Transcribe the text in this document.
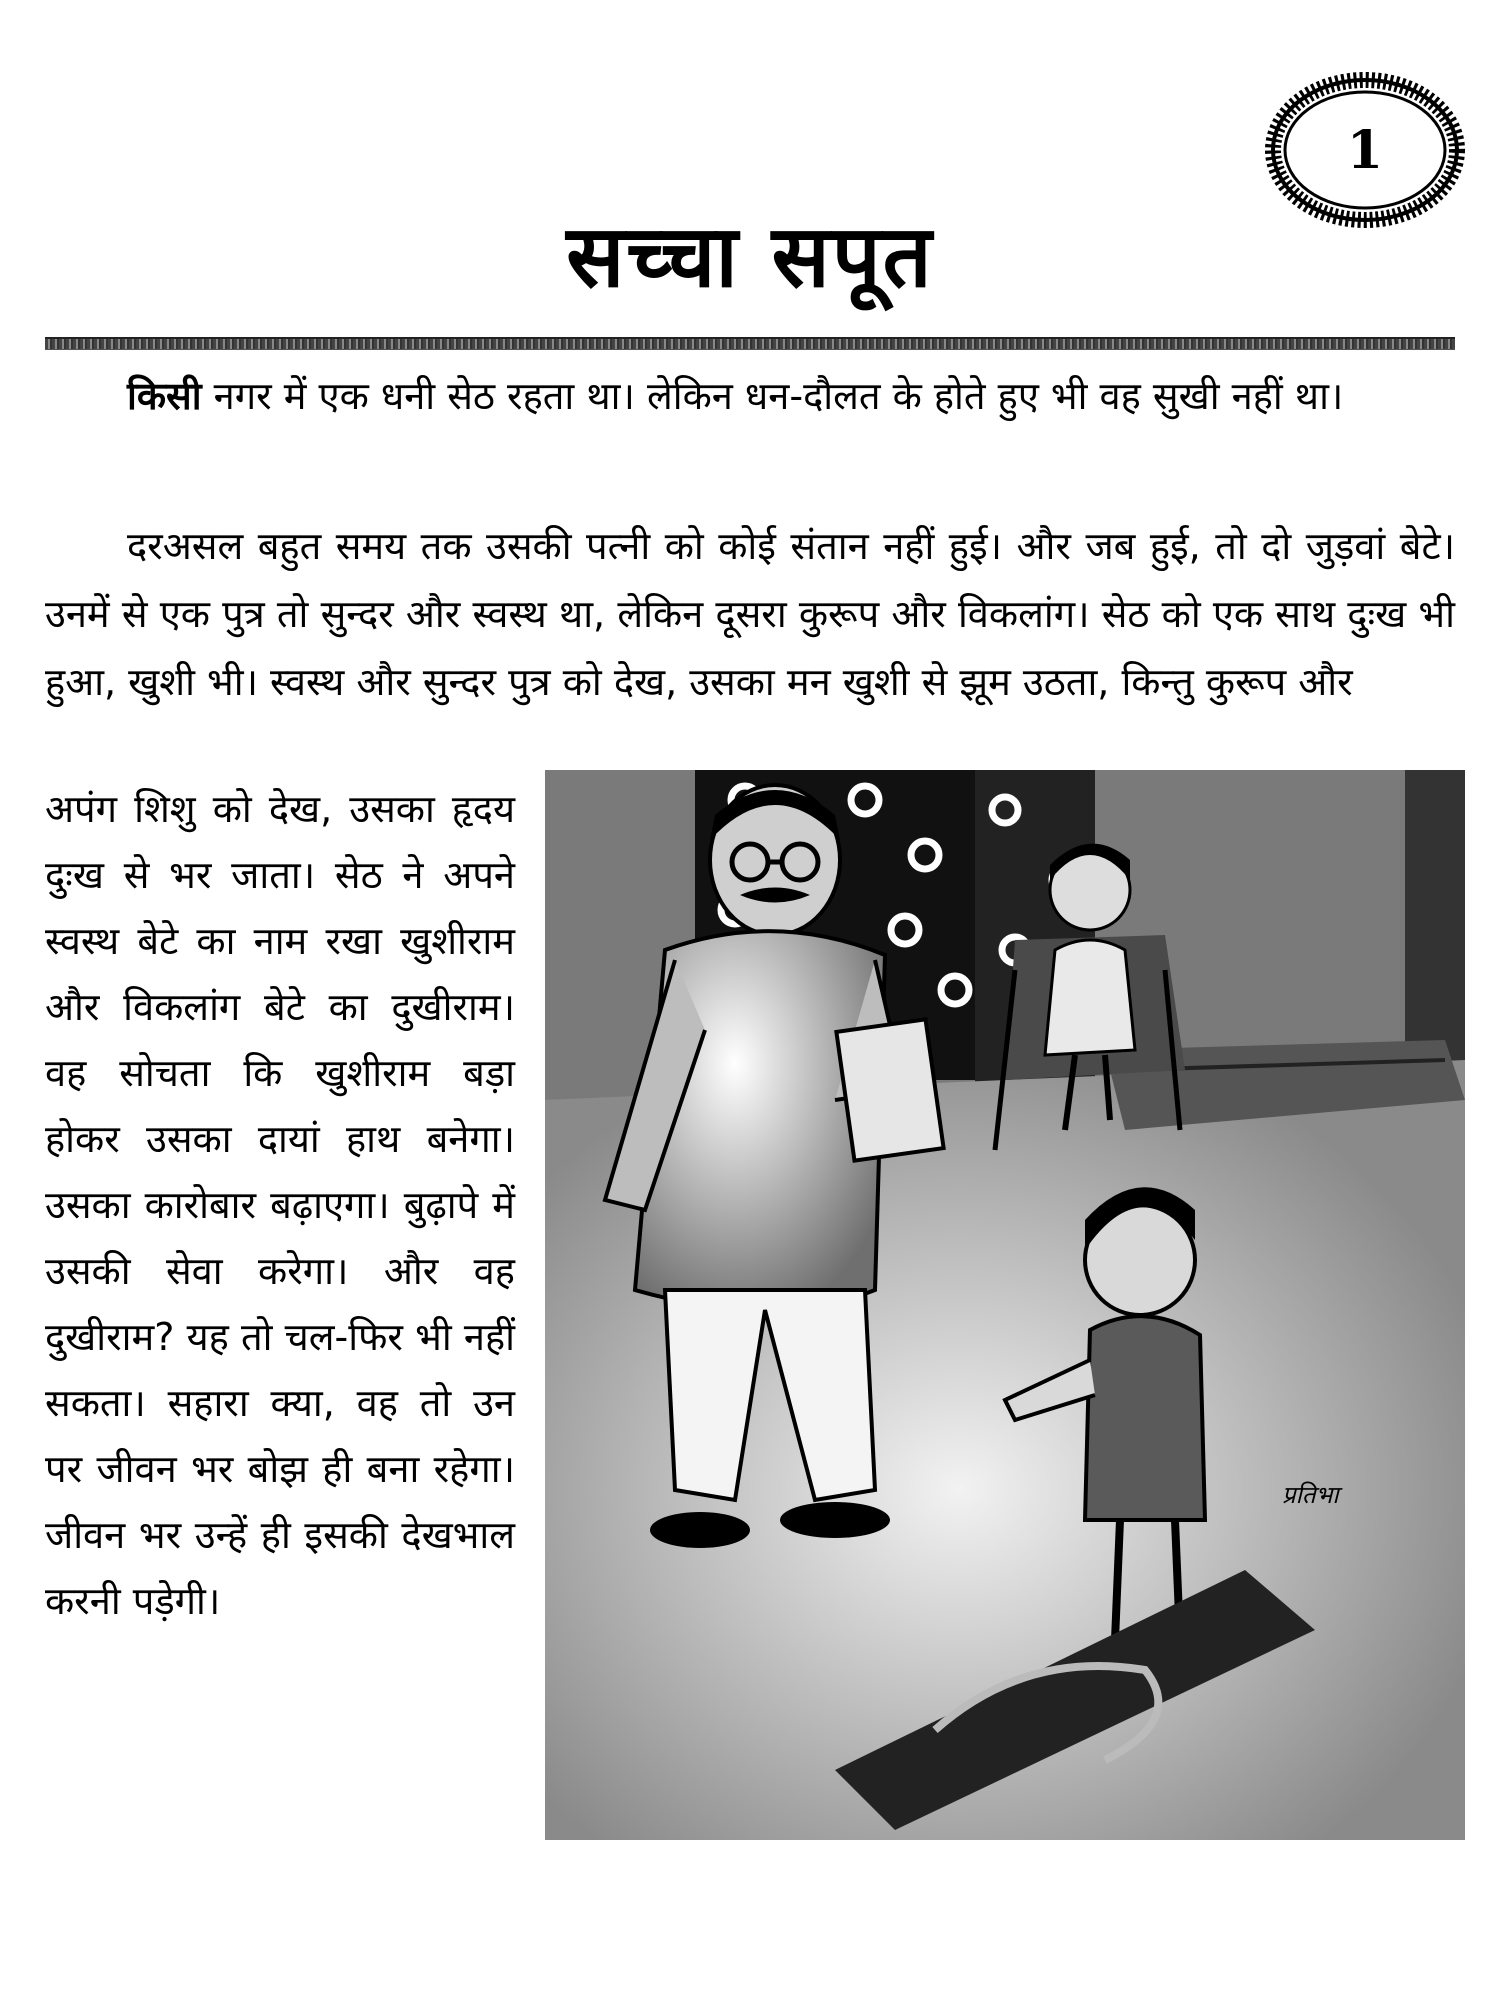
1
सच्चा सपूत
किसी नगर में एक धनी सेठ रहता था। लेकिन धन-दौलत के होते हुए भी वह सुखी नहीं था।
दरअसल बहुत समय तक उसकी पत्नी को कोई संतान नहीं हुई। और जब हुई, तो दो जुड़वां बेटे। उनमें से एक पुत्र तो सुन्दर और स्वस्थ था, लेकिन दूसरा कुरूप और विकलांग। सेठ को एक साथ दुःख भी हुआ, खुशी भी। स्वस्थ और सुन्दर पुत्र को देख, उसका मन खुशी से झूम उठता, किन्तु कुरूप और
अपंग शिशु को देख, उसका हृदय दुःख से भर जाता। सेठ ने अपने स्वस्थ बेटे का नाम रखा खुशीराम और विकलांग बेटे का दुखीराम। वह सोचता कि खुशीराम बड़ा होकर उसका दायां हाथ बनेगा। उसका कारोबार बढ़ाएगा। बुढ़ापे में उसकी सेवा करेगा। और वह दुखीराम? यह तो चल-फिर भी नहीं सकता। सहारा क्या, वह तो उन पर जीवन भर बोझ ही बना रहेगा। जीवन भर उन्हें ही इसकी देखभाल करनी पड़ेगी।
प्रतिभा
